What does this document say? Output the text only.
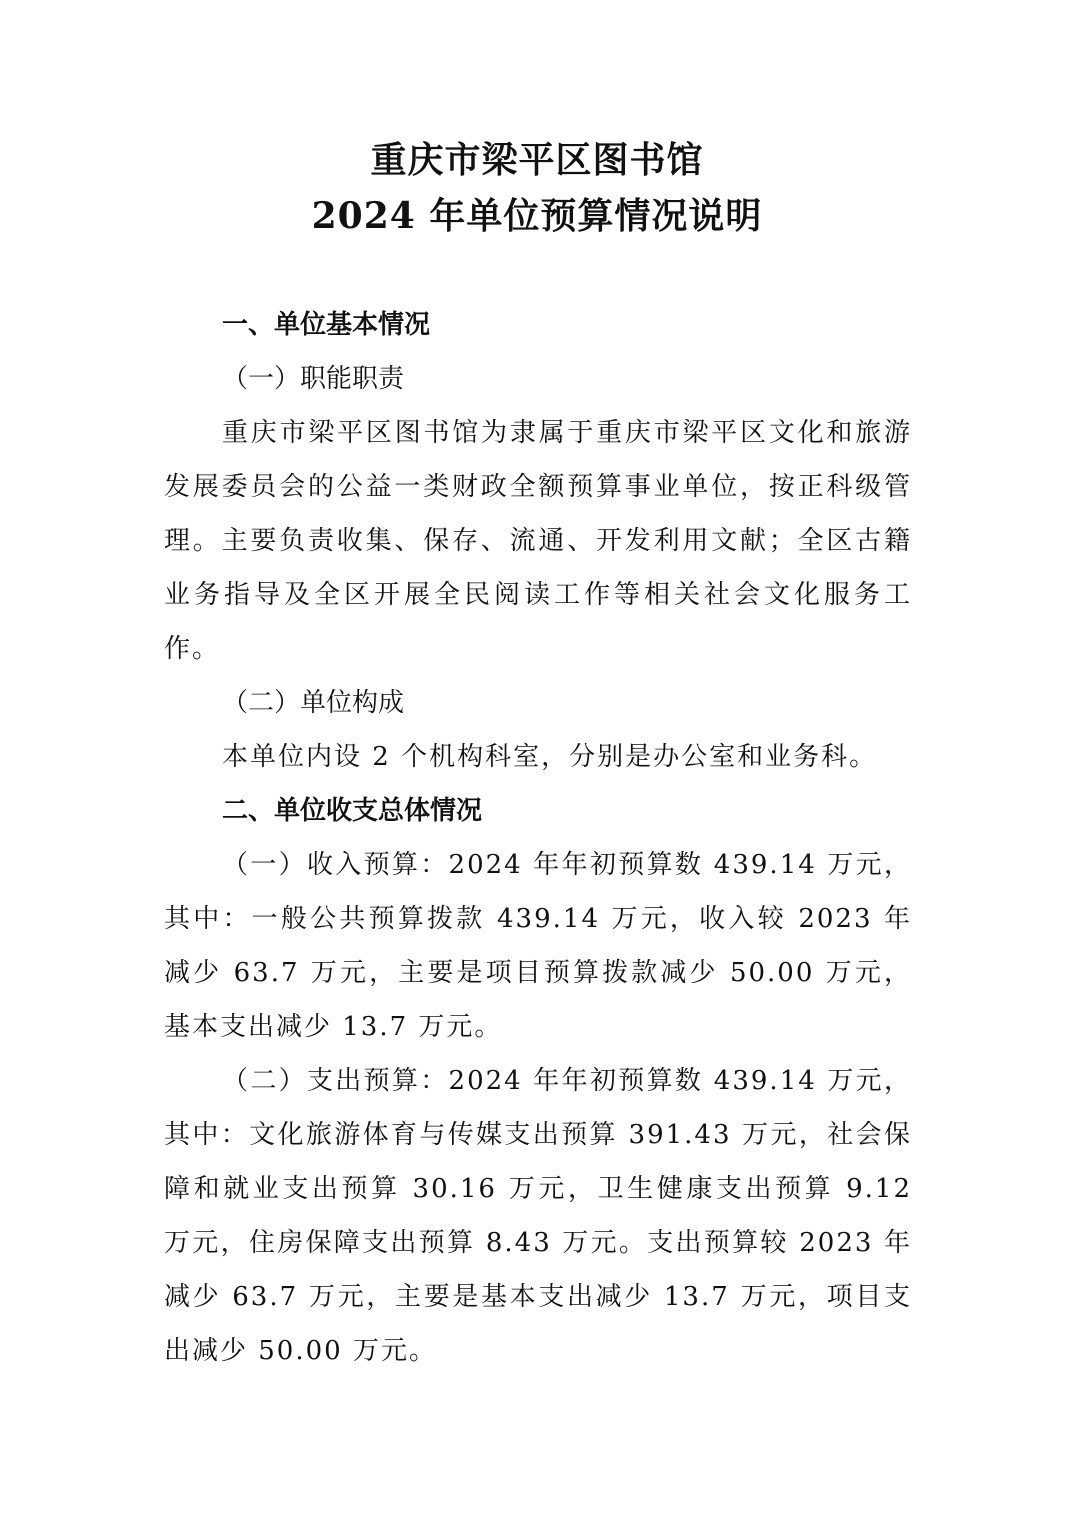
重庆市梁平区图书馆

2024 年单位预算情况说明

一、单位基本情况

（一）职能职责

重庆市梁平区图书馆为隶属于重庆市梁平区文化和旅游发展委员会的公益一类财政全额预算事业单位，按正科级管理。主要负责收集、保存、流通、开发利用文献；全区古籍业务指导及全区开展全民阅读工作等相关社会文化服务工作。

（二）单位构成

本单位内设 2 个机构科室，分别是办公室和业务科。

二、单位收支总体情况

（一）收入预算：2024 年年初预算数 439.14 万元，其中：一般公共预算拨款 439.14 万元，收入较 2023 年减少 63.7 万元，主要是项目预算拨款减少 50.00 万元，基本支出减少 13.7 万元。

（二）支出预算：2024 年年初预算数 439.14 万元，其中：文化旅游体育与传媒支出预算 391.43 万元，社会保障和就业支出预算 30.16 万元，卫生健康支出预算 9.12 万元，住房保障支出预算 8.43 万元。支出预算较 2023 年减少 63.7 万元，主要是基本支出减少 13.7 万元，项目支出减少 50.00 万元。
